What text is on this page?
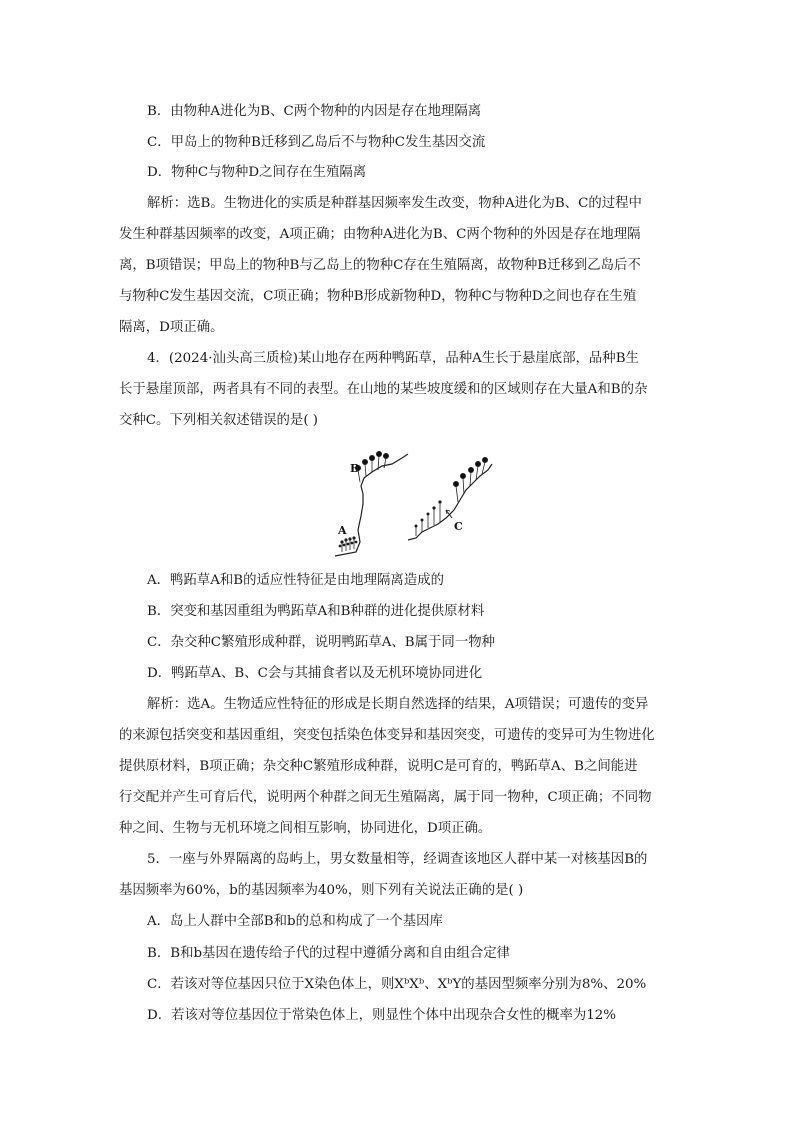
B．由物种A进化为B、C两个物种的内因是存在地理隔离
C．甲岛上的物种B迁移到乙岛后不与物种C发生基因交流
D．物种C与物种D之间存在生殖隔离
解析：选B。生物进化的实质是种群基因频率发生改变，物种A进化为B、C的过程中
发生种群基因频率的改变，A项正确；由物种A进化为B、C两个物种的外因是存在地理隔
离，B项错误；甲岛上的物种B与乙岛上的物种C存在生殖隔离，故物种B迁移到乙岛后不
与物种C发生基因交流，C项正确；物种B形成新物种D，物种C与物种D之间也存在生殖
隔离，D项正确。
4．(2024·汕头高三质检)某山地存在两种鸭跖草，品种A生长于悬崖底部，品种B生
长于悬崖顶部，两者具有不同的表型。在山地的某些坡度缓和的区域则存在大量A和B的杂
交种C。下列相关叙述错误的是( )
B
A	C
A．鸭跖草A和B的适应性特征是由地理隔离造成的
B．突变和基因重组为鸭跖草A和B种群的进化提供原材料
C．杂交种C繁殖形成种群，说明鸭跖草A、B属于同一物种
D．鸭跖草A、B、C会与其捕食者以及无机环境协同进化
解析：选A。生物适应性特征的形成是长期自然选择的结果，A项错误；可遗传的变异
的来源包括突变和基因重组，突变包括染色体变异和基因突变，可遗传的变异可为生物进化
提供原材料，B项正确；杂交种C繁殖形成种群，说明C是可育的，鸭跖草A、B之间能进
行交配并产生可育后代，说明两个种群之间无生殖隔离，属于同一物种，C项正确；不同物
种之间、生物与无机环境之间相互影响，协同进化，D项正确。
5．一座与外界隔离的岛屿上，男女数量相等，经调查该地区人群中某一对核基因B的
基因频率为60%，b的基因频率为40%，则下列有关说法正确的是( )
A．岛上人群中全部B和b的总和构成了一个基因库
B．B和b基因在遗传给子代的过程中遵循分离和自由组合定律
C．若该对等位基因只位于X染色体上，则XᵇXᵇ、XᵇY的基因型频率分别为8%、20%
D．若该对等位基因位于常染色体上，则显性个体中出现杂合女性的概率为12%
